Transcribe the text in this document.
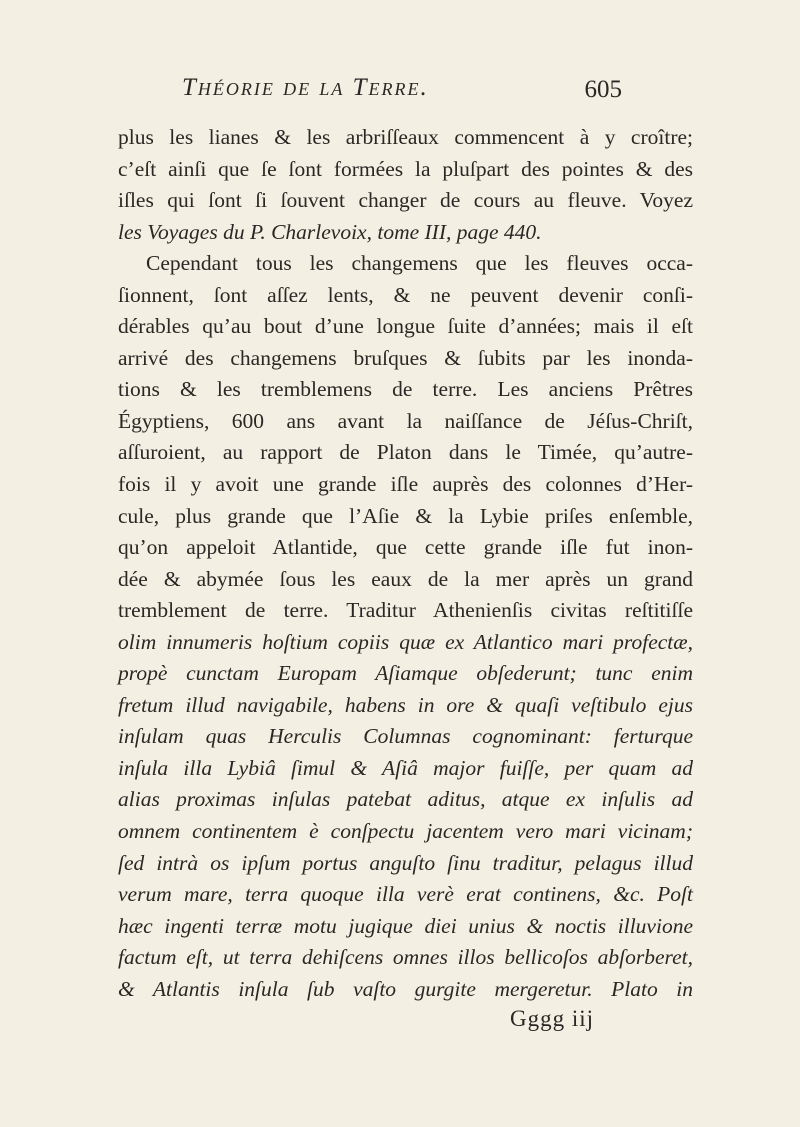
Théorie de la Terre.	605
plus les lianes & les arbriſſeaux commencent à y croître;
c’eſt ainſi que ſe ſont formées la pluſpart des pointes & des
iſles qui ſont ſi ſouvent changer de cours au fleuve. Voyez
les Voyages du P. Charlevoix, tome III, page 440.
Cependant tous les changemens que les fleuves occa-
ſionnent, ſont aſſez lents, & ne peuvent devenir conſi-
dérables qu’au bout d’une longue ſuite d’années; mais il eſt
arrivé des changemens bruſques & ſubits par les inonda-
tions & les tremblemens de terre. Les anciens Prêtres
Égyptiens, 600 ans avant la naiſſance de Jéſus-Chriſt,
aſſuroient, au rapport de Platon dans le Timée, qu’autre-
fois il y avoit une grande iſle auprès des colonnes d’Her-
cule, plus grande que l’Aſie & la Lybie priſes enſemble,
qu’on appeloit Atlantide, que cette grande iſle fut inon-
dée & abymée ſous les eaux de la mer après un grand
tremblement de terre. Traditur Athenienſis civitas reſtitiſſe
olim innumeris hoſtium copiis quæ ex Atlantico mari profectæ,
propè cunctam Europam Aſiamque obſederunt; tunc enim
fretum illud navigabile, habens in ore & quaſi veſtibulo ejus
inſulam quas Herculis Columnas cognominant: ferturque
inſula illa Lybiâ ſimul & Aſiâ major fuiſſe, per quam ad
alias proximas inſulas patebat aditus, atque ex inſulis ad
omnem continentem è conſpectu jacentem vero mari vicinam;
ſed intrà os ipſum portus anguſto ſinu traditur, pelagus illud
verum mare, terra quoque illa verè erat continens, &c. Poſt
hæc ingenti terræ motu jugique diei unius & noctis illuvione
factum eſt, ut terra dehiſcens omnes illos bellicoſos abſorberet,
& Atlantis inſula ſub vaſto gurgite mergeretur. Plato in
Gggg iij
